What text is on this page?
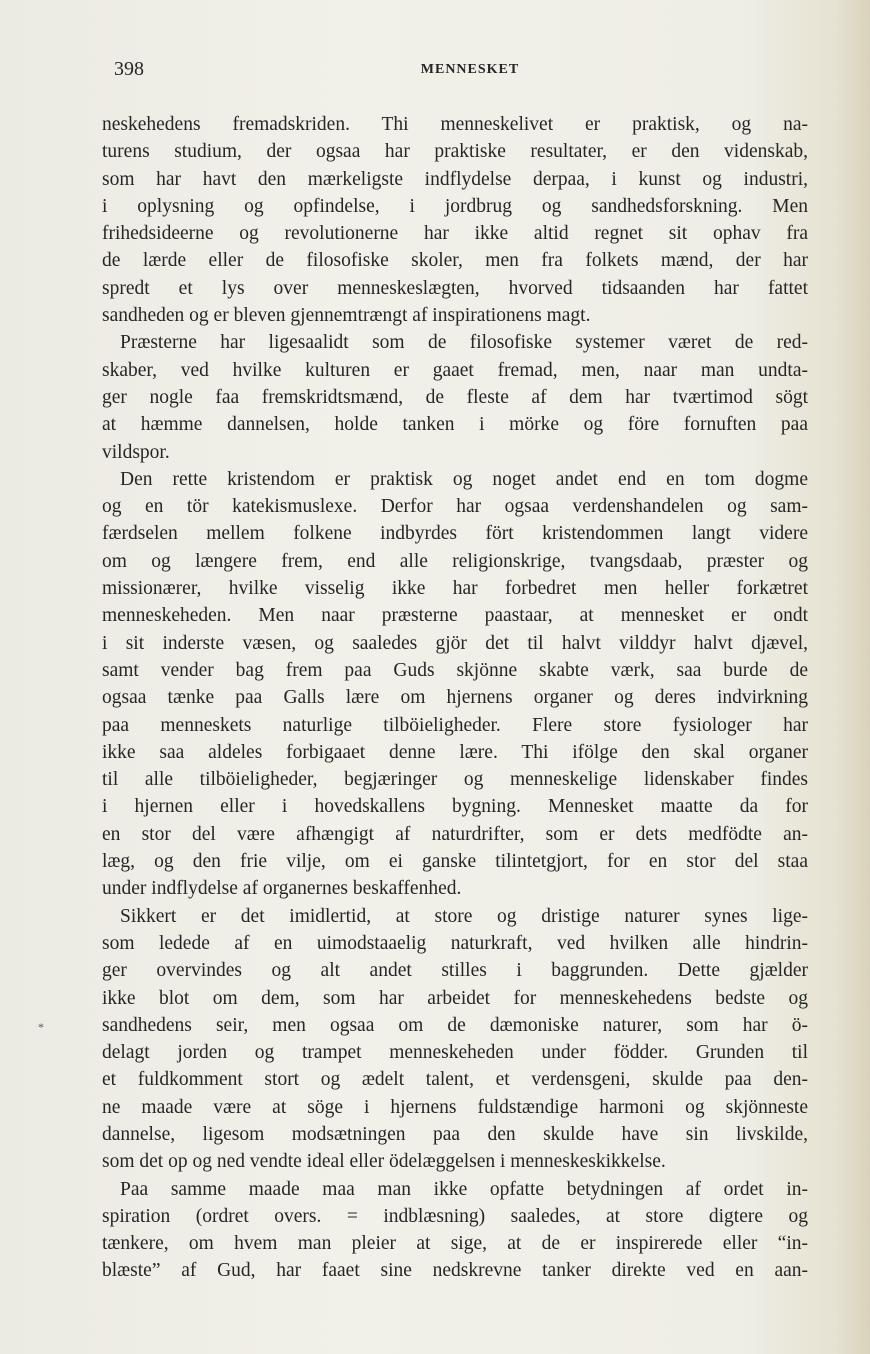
398	MENNESKET
*
neskehedens fremadskriden. Thi menneskelivet er praktisk, og na-
turens studium, der ogsaa har praktiske resultater, er den videnskab,
som har havt den mærkeligste indflydelse derpaa, i kunst og industri,
i oplysning og opfindelse, i jordbrug og sandhedsforskning. Men
frihedsideerne og revolutionerne har ikke altid regnet sit ophav fra
de lærde eller de filosofiske skoler, men fra folkets mænd, der har
spredt et lys over menneskeslægten, hvorved tidsaanden har fattet
sandheden og er bleven gjennemtrængt af inspirationens magt.
Præsterne har ligesaalidt som de filosofiske systemer været de red-
skaber, ved hvilke kulturen er gaaet fremad, men, naar man undta-
ger nogle faa fremskridtsmænd, de fleste af dem har tværtimod sögt
at hæmme dannelsen, holde tanken i mörke og före fornuften paa
vildspor.
Den rette kristendom er praktisk og noget andet end en tom dogme
og en tör katekismuslexe. Derfor har ogsaa verdenshandelen og sam-
færdselen mellem folkene indbyrdes fört kristendommen langt videre
om og længere frem, end alle religionskrige, tvangsdaab, præster og
missionærer, hvilke visselig ikke har forbedret men heller forkætret
menneskeheden. Men naar præsterne paastaar, at mennesket er ondt
i sit inderste væsen, og saaledes gjör det til halvt vilddyr halvt djævel,
samt vender bag frem paa Guds skjönne skabte værk, saa burde de
ogsaa tænke paa Galls lære om hjernens organer og deres indvirkning
paa menneskets naturlige tilböieligheder. Flere store fysiologer har
ikke saa aldeles forbigaaet denne lære. Thi ifölge den skal organer
til alle tilböieligheder, begjæringer og menneskelige lidenskaber findes
i hjernen eller i hovedskallens bygning. Mennesket maatte da for
en stor del være afhængigt af naturdrifter, som er dets medfödte an-
læg, og den frie vilje, om ei ganske tilintetgjort, for en stor del staa
under indflydelse af organernes beskaffenhed.
Sikkert er det imidlertid, at store og dristige naturer synes lige-
som ledede af en uimodstaaelig naturkraft, ved hvilken alle hindrin-
ger overvindes og alt andet stilles i baggrunden. Dette gjælder
ikke blot om dem, som har arbeidet for menneskehedens bedste og
sandhedens seir, men ogsaa om de dæmoniske naturer, som har ö-
delagt jorden og trampet menneskeheden under födder. Grunden til
et fuldkomment stort og ædelt talent, et verdensgeni, skulde paa den-
ne maade være at söge i hjernens fuldstændige harmoni og skjönneste
dannelse, ligesom modsætningen paa den skulde have sin livskilde,
som det op og ned vendte ideal eller ödelæggelsen i menneskeskikkelse.
Paa samme maade maa man ikke opfatte betydningen af ordet in-
spiration (ordret overs. = indblæsning) saaledes, at store digtere og
tænkere, om hvem man pleier at sige, at de er inspirerede eller “in-
blæste” af Gud, har faaet sine nedskrevne tanker direkte ved en aan-
